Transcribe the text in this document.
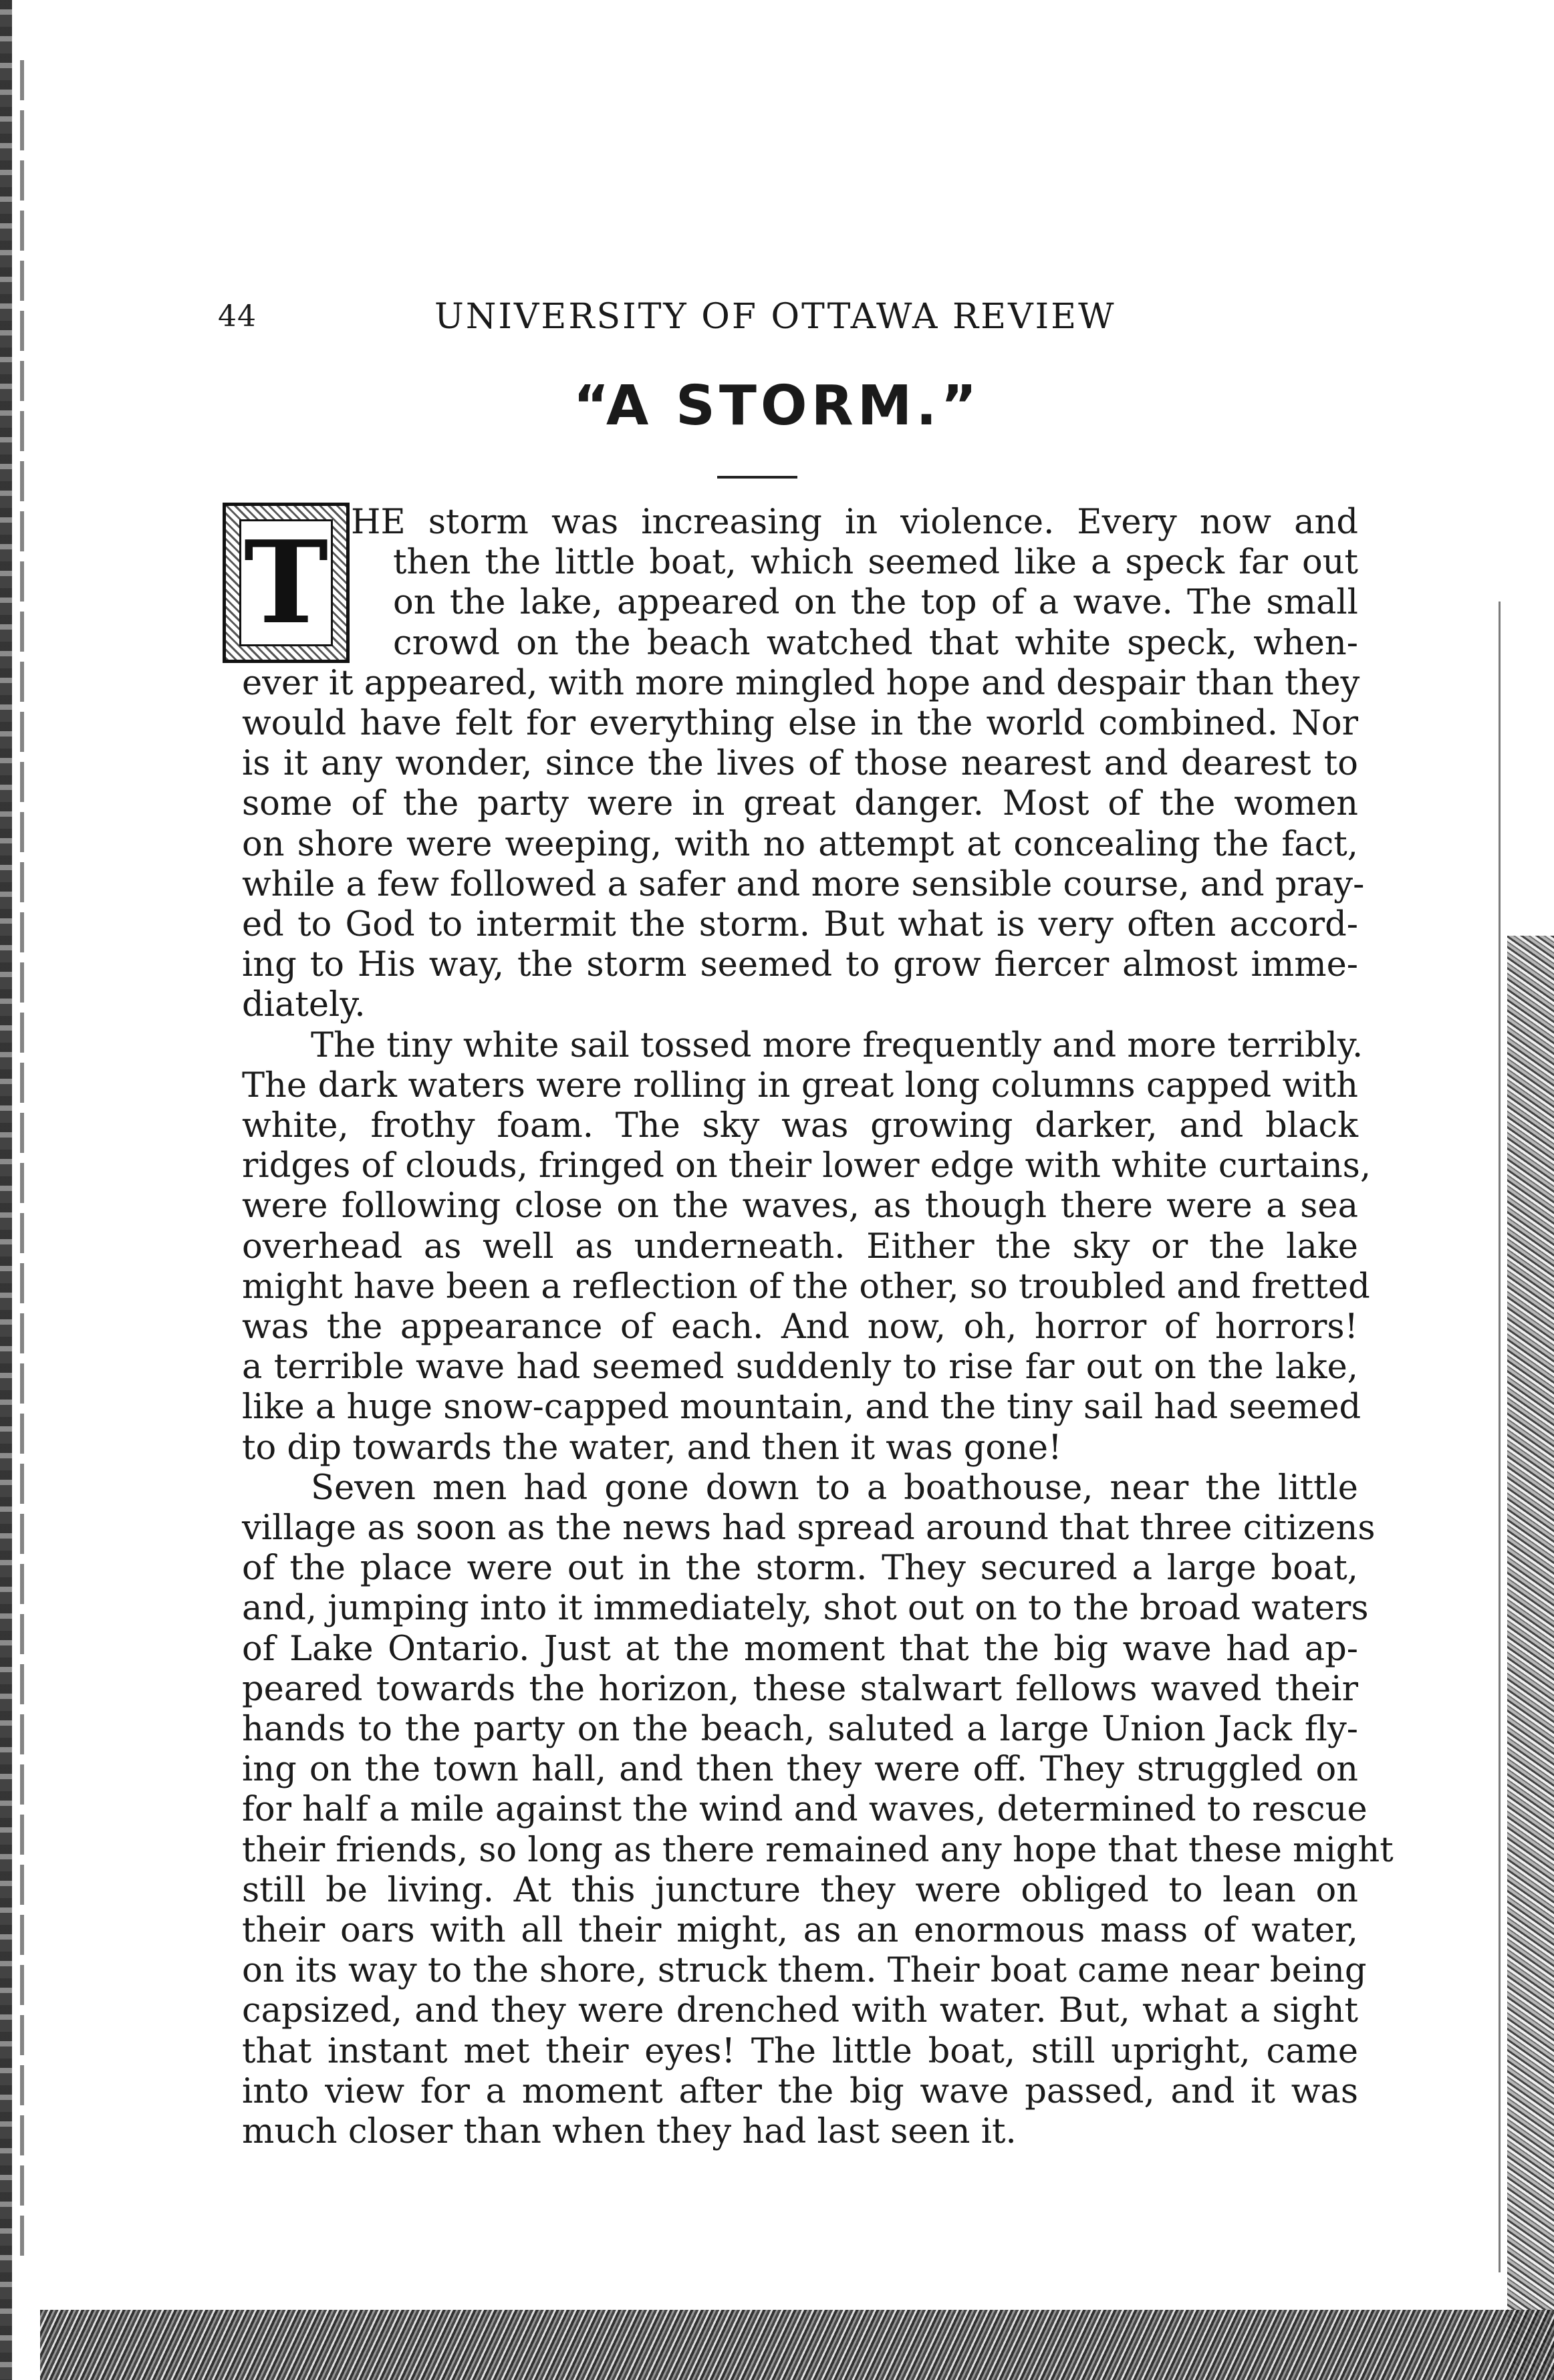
44	UNIVERSITY OF OTTAWA REVIEW
“A STORM.”
T HE storm was increasing in violence. Every now and
then the little boat, which seemed like a speck far out
on the lake, appeared on the top of a wave. The small
crowd on the beach watched that white speck, when-
ever it appeared, with more mingled hope and despair than they
would have felt for everything else in the world combined. Nor
is it any wonder, since the lives of those nearest and dearest to
some of the party were in great danger. Most of the women
on shore were weeping, with no attempt at concealing the fact,
while a few followed a safer and more sensible course, and pray-
ed to God to intermit the storm. But what is very often accord-
ing to His way, the storm seemed to grow fiercer almost imme-
diately.
The tiny white sail tossed more frequently and more terribly.
The dark waters were rolling in great long columns capped with
white, frothy foam. The sky was growing darker, and black
ridges of clouds, fringed on their lower edge with white curtains,
were following close on the waves, as though there were a sea
overhead as well as underneath. Either the sky or the lake
might have been a reflection of the other, so troubled and fretted
was the appearance of each. And now, oh, horror of horrors!
a terrible wave had seemed suddenly to rise far out on the lake,
like a huge snow-capped mountain, and the tiny sail had seemed
to dip towards the water, and then it was gone!
Seven men had gone down to a boathouse, near the little
village as soon as the news had spread around that three citizens
of the place were out in the storm. They secured a large boat,
and, jumping into it immediately, shot out on to the broad waters
of Lake Ontario. Just at the moment that the big wave had ap-
peared towards the horizon, these stalwart fellows waved their
hands to the party on the beach, saluted a large Union Jack fly-
ing on the town hall, and then they were off. They struggled on
for half a mile against the wind and waves, determined to rescue
their friends, so long as there remained any hope that these might
still be living. At this juncture they were obliged to lean on
their oars with all their might, as an enormous mass of water,
on its way to the shore, struck them. Their boat came near being
capsized, and they were drenched with water. But, what a sight
that instant met their eyes! The little boat, still upright, came
into view for a moment after the big wave passed, and it was
much closer than when they had last seen it.
